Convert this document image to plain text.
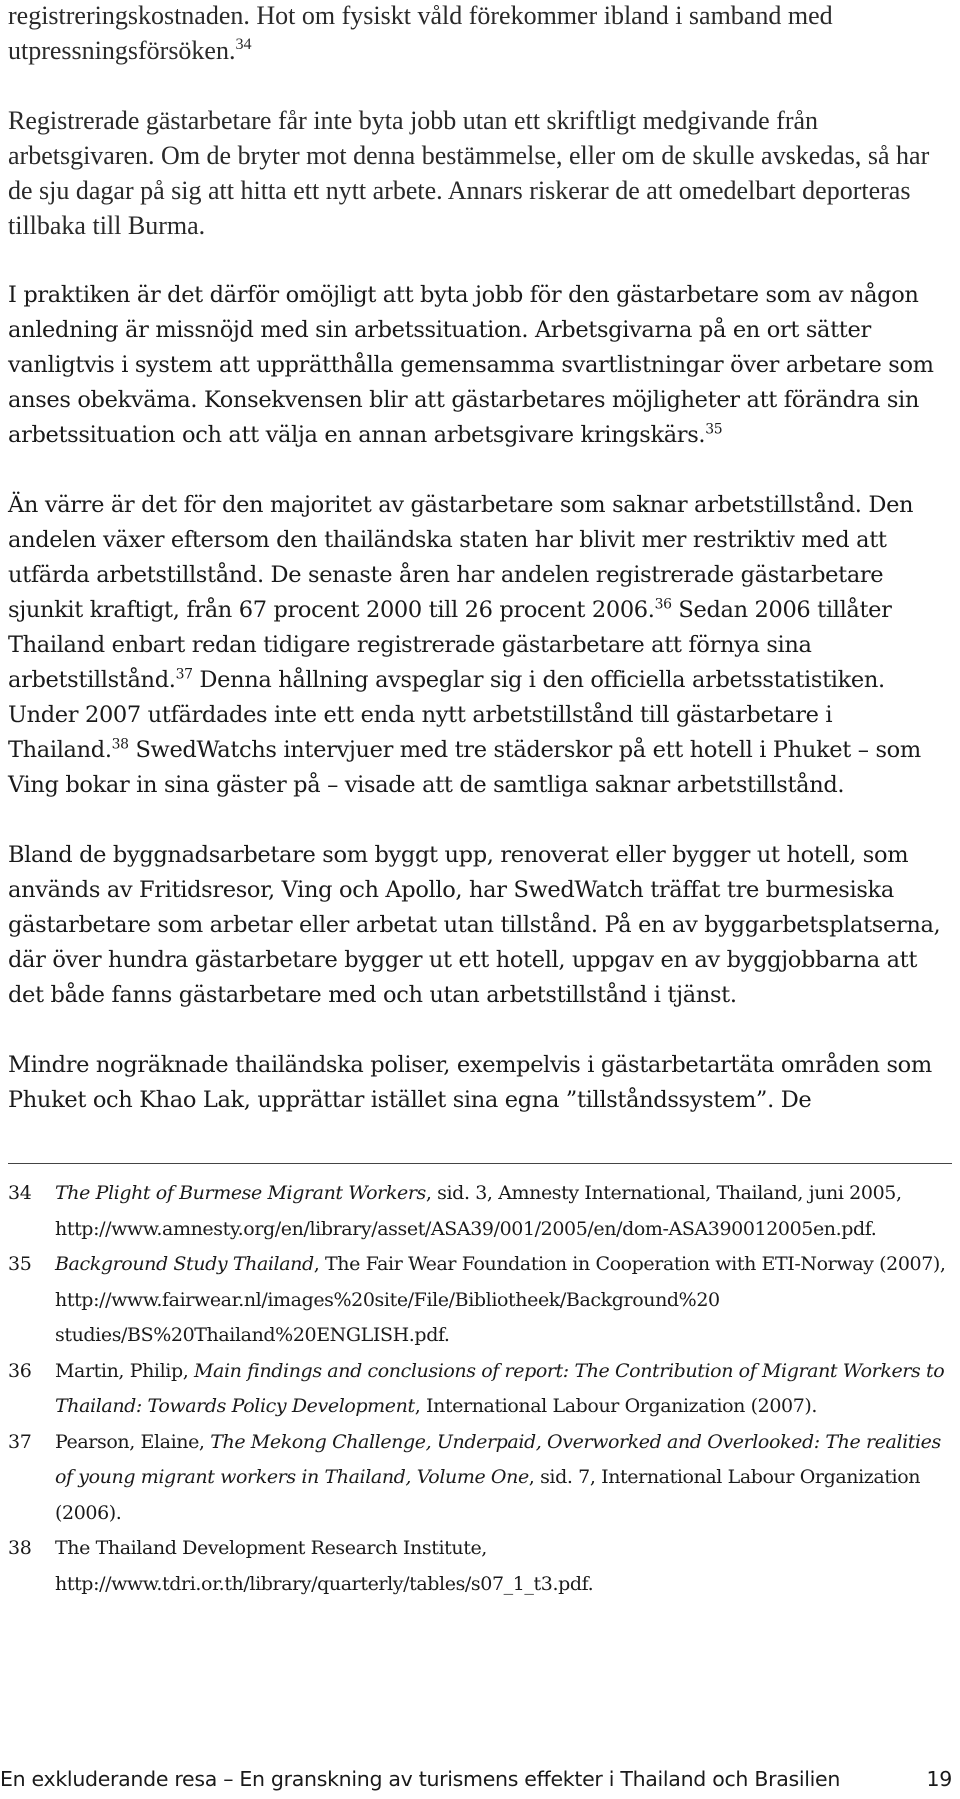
registreringskostnaden. Hot om fysiskt våld förekommer ibland i samband med utpressningsförsöken.$^{34}$

Registrerade gästarbetare får inte byta jobb utan ett skriftligt medgivande från arbetsgivaren. Om de bryter mot denna bestämmelse, eller om de skulle avskedas, så har de sju dagar på sig att hitta ett nytt arbete. Annars riskerar de att omedelbart deporteras tillbaka till Burma.

I praktiken är det därför omöjligt att byta jobb för den gästarbetare som av någon anledning är missnöjd med sin arbetssituation. Arbetsgivarna på en ort sätter vanligtvis i system att upprätthålla gemensamma svartlistningar över arbetare som anses obekväma. Konsekvensen blir att gästarbetares möjligheter att förändra sin arbetssituation och att välja en annan arbetsgivare kringskärs.$^{35}$

Än värre är det för den majoritet av gästarbetare som saknar arbetstillstånd. Den andelen växer eftersom den thailändska staten har blivit mer restriktiv med att utfärda arbetstillstånd. De senaste åren har andelen registrerade gästarbetare sjunkit kraftigt, från 67 procent 2000 till 26 procent 2006.36 Sedan 2006 tillåter Thailand enbart redan tidigare registrerade gästarbetare att förnya sina arbetstillstånd.$^{37}$ Denna hållning avspeglar sig i den officiella arbetsstatistiken. Under 2007 utfärdades inte ett enda nytt arbetstillstånd till gästarbetare i Thailand.$^{38}$ SwedWatchs intervjuer med tre städerskor på ett hotell i Phuket – som Ving bokar in sina gäster på – visade att de samtliga saknar arbetstillstånd.

Bland de byggnadsarbetare som byggt upp, renoverat eller bygger ut hotell, som används av Fritidsresor, Ving och Apollo, har SwedWatch träffat tre burmesiska gästarbetare som arbetar eller arbetat utan tillstånd. På en av byggarbetsplatserna, där över hundra gästarbetare bygger ut ett hotell, uppgav en av byggjobbarna att det både fanns gästarbetare med och utan arbetstillstånd i tjänst.

Mindre nogräknade thailändska poliser, exempelvis i gästarbetartäta områden som Phuket och Khao Lak, upprättar istället sina egna ”tillståndssystem”. De

34	The Plight of Burmese Migrant Workers, sid. 3, Amnesty International, Thailand, juni 2005, http://www.amnesty.org/en/library/asset/ASA39/001/2005/en/dom-ASA390012005en.pdf.

35	Background Study Thailand, The Fair Wear Foundation in Cooperation with ETI-Norway (2007), http://www.fairwear.nl/images%20site/File/Bibliotheek/Background%20 studies/BS%20Thailand%20ENGLISH.pdf.

36	Martin, Philip, Main findings and conclusions of report: The Contribution of Migrant Workers to Thailand: Towards Policy Development, International Labour Organization (2007).

37	Pearson, Elaine, The Mekong Challenge, Underpaid, Overworked and Overlooked: The realities of young migrant workers in Thailand, Volume One, sid. 7, International Labour Organization (2006).

38	The Thailand Development Research Institute, http://www.tdri.or.th/library/quarterly/tables/s07_1_t3.pdf.

En exkluderande resa – En granskning av turismens effekter i Thailand och Brasilien	19
